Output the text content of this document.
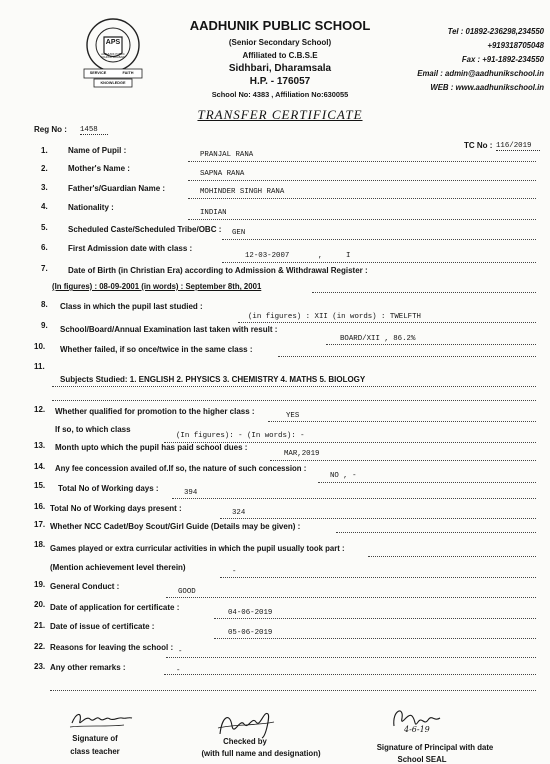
APS
AADHUNIK PUBLIC SCHOOL SIDHBARI
SERVICE	FAITH
KNOWLEDGE
AADHUNIK PUBLIC SCHOOL
(Senior Secondary School)
Affiliated to C.B.S.E
Sidhbari, Dharamsala
H.P. - 176057
School No: 4383 , Affiliation No:630055
Tel : 01892-236298,234550
+919318705048
Fax : +91-1892-234550
Email : admin@aadhunikschool.in
WEB : www.aadhunikschool.in
TRANSFER CERTIFICATE
Reg No : 1458
TC No : 116/2019
1.	Name of Pupil :	PRANJAL RANA
2.	Mother's Name :
SAPNA RANA
3.	Father's/Guardian Name :	MOHINDER SINGH RANA
4.	Nationality :
INDIAN
5.	Scheduled Caste/Scheduled Tribe/OBC : GEN
6.	First Admission date with class :
12-03-2007	,	I
7.	Date of Birth (in Christian Era) according to Admission & Withdrawal Register :
(In figures) : 08-09-2001 (in words) : September 8th, 2001
8. Class in which the pupil last studied :
(in figures) : XII (in words) : TWELFTH
9. School/Board/Annual Examination last taken with result :
BOARD/XII , 86.2%
10. Whether failed, if so once/twice in the same class :
11.
Subjects Studied: 1. ENGLISH 2. PHYSICS 3. CHEMISTRY 4. MATHS 5. BIOLOGY
12. Whether qualified for promotion to the higher class :	YES
If so, to which class
(In figures): - (In words): -
13. Month upto which the pupil has paid school dues :
MAR,2019
14. Any fee concession availed of.If so, the nature of such concession :
NO , -
15. Total No of Working days :	394
16. Total No of Working days present :	324
17. Whether NCC Cadet/Boy Scout/Girl Guide (Details may be given) :
18. Games played or extra curricular activities in which the pupil usually took part :
(Mention achievement level therein)	-
19. General Conduct :
GOOD
20. Date of application for certificate :
04-06-2019
21. Date of issue of certificate :
05-06-2019
22. Reasons for leaving the school : -
23. Any other remarks :	-
Signature of
class teacher
Checked by
(with full name and designation)
4-6-19
Signature of Principal with date
School SEAL
